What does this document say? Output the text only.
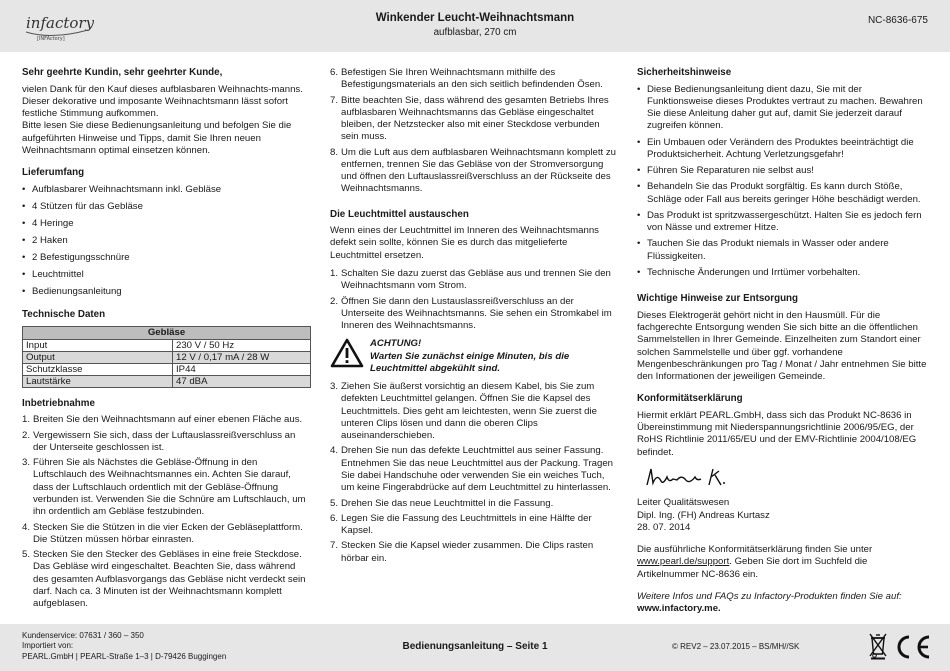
infactory
[INFActory]
Winkender Leucht-Weihnachtsmann
aufblasbar, 270 cm
NC-8636-675
Sehr geehrte Kundin, sehr geehrter Kunde,

vielen Dank für den Kauf dieses aufblasbaren Weihnachts-manns. Dieser dekorative und imposante Weihnachtsmann lässt sofort festliche Stimmung aufkommen.

Bitte lesen Sie diese Bedienungsanleitung und befolgen Sie die aufgeführten Hinweise und Tipps, damit Sie Ihren neuen Weihnachtsmann optimal einsetzen können.

Lieferumfang
• Aufblasbarer Weihnachtsmann inkl. Gebläse
• 4 Stützen für das Gebläse
• 4 Heringe
• 2 Haken
• 2 Befestigungsschnüre
• Leuchtmittel
• Bedienungsanleitung
Technische Daten
Gebläse	
Input	230 V / 50 Hz
Output	12 V / 0,17 mA / 28 W
Schutzklasse	IP44
Lautstärke	47 dBA
Inbetriebnahme
1. Breiten Sie den Weihnachtsmann auf einer ebenen Fläche aus.
2. Vergewissern Sie sich, dass der Luftauslassreißverschluss an der Unterseite geschlossen ist.
3. Führen Sie als Nächstes die Gebläse-Öffnung in den Luftschlauch des Weihnachtsmannes ein. Achten Sie darauf, dass der Luftschlauch ordentlich mit der Gebläse-Öffnung verbunden ist. Verwenden Sie die Schnüre am Luftschlauch, um ihn ordentlich am Gebläse festzubinden.
4. Stecken Sie die Stützen in die vier Ecken der Gebläseplattform. Die Stützen müssen hörbar einrasten.
5. Stecken Sie den Stecker des Gebläses in eine freie Steckdose. Das Gebläse wird eingeschaltet. Beachten Sie, dass während des gesamten Aufblasvorgangs das Gebläse nicht verdeckt sein darf. Nach ca. 3 Minuten ist der Weihnachtsmann komplett aufgeblasen.
6. Befestigen Sie Ihren Weihnachtsmann mithilfe des Befestigungsmaterials an den sich seitlich befindenden Ösen.
7. Bitte beachten Sie, dass während des gesamten Betriebs Ihres aufblasbaren Weihnachtsmanns das Gebläse eingeschaltet bleiben, der Netzstecker also mit einer Steckdose verbunden sein muss.
8. Um die Luft aus dem aufblasbaren Weihnachtsmann komplett zu entfernen, trennen Sie das Gebläse von der Stromversorgung und öffnen den Luftauslassreißverschluss an der Rückseite des Weihnachtsmanns.
Die Leuchtmittel austauschen

Wenn eines der Leuchtmittel im Inneren des Weihnachtsmanns defekt sein sollte, können Sie es durch das mitgelieferte Leuchtmittel ersetzen.

1. Schalten Sie dazu zuerst das Gebläse aus und trennen Sie den Weihnachtsmann vom Strom.
2. Öffnen Sie dann den Lustauslassreißverschluss an der Unterseite des Weihnachtsmanns. Sie sehen ein Stromkabel im Inneren des Weihnachtsmanns.
ACHTUNG!
Warten Sie zunächst einige Minuten, bis die Leuchtmittel abgekühlt sind.
3. Ziehen Sie äußerst vorsichtig an diesem Kabel, bis Sie zum defekten Leuchtmittel gelangen. Öffnen Sie die Kapsel des Leuchtmittels. Dies geht am leichtesten, wenn Sie zuerst die unteren Clips lösen und dann die oberen Clips auseinanderschieben.
4. Drehen Sie nun das defekte Leuchtmittel aus seiner Fassung. Entnehmen Sie das neue Leuchtmittel aus der Packung. Tragen Sie dabei Handschuhe oder verwenden Sie ein weiches Tuch, um keine Fingerabdrücke auf dem Leuchtmittel zu hinterlassen.
5. Drehen Sie das neue Leuchtmittel in die Fassung.
6. Legen Sie die Fassung des Leuchtmittels in eine Hälfte der Kapsel.
7. Stecken Sie die Kapsel wieder zusammen. Die Clips rasten hörbar ein.
Sicherheitshinweise
• Diese Bedienungsanleitung dient dazu, Sie mit der Funktionsweise dieses Produktes vertraut zu machen. Bewahren Sie diese Anleitung daher gut auf, damit Sie jederzeit darauf zugreifen können.
• Ein Umbauen oder Verändern des Produktes beeinträchtigt die Produktsicherheit. Achtung Verletzungsgefahr!
• Führen Sie Reparaturen nie selbst aus!
• Behandeln Sie das Produkt sorgfältig. Es kann durch Stöße, Schläge oder Fall aus bereits geringer Höhe beschädigt werden.
• Das Produkt ist spritzwassergeschützt. Halten Sie es jedoch fern von Nässe und extremer Hitze.
• Tauchen Sie das Produkt niemals in Wasser oder andere Flüssigkeiten.
• Technische Änderungen und Irrtümer vorbehalten.
Wichtige Hinweise zur Entsorgung

Dieses Elektrogerät gehört nicht in den Hausmüll. Für die fachgerechte Entsorgung wenden Sie sich bitte an die öffentlichen Sammelstellen in Ihrer Gemeinde. Einzelheiten zum Standort einer solchen Sammelstelle und über ggf. vorhandene Mengenbeschränkungen pro Tag / Monat / Jahr entnehmen Sie bitte den Informationen der jeweiligen Gemeinde.

Konformitätserklärung

Hiermit erklärt PEARL.GmbH, dass sich das Produkt NC-8636 in Übereinstimmung mit Niederspannungsrichtlinie 2006/95/EG, der RoHS Richtlinie 2011/65/EU und der EMV-Richtlinie 2004/108/EG befindet.

Leiter Qualitätswesen

Dipl. Ing. (FH) Andreas Kurtasz

28. 07. 2014

Die ausführliche Konformitätserklärung finden Sie unter www.pearl.de/support. Geben Sie dort im Suchfeld die Artikelnummer NC-8636 ein.

Weitere Infos und FAQs zu Infactory-Produkten finden Sie auf:
www.infactory.me.

Kundenservice: 07631 / 360 – 350
Importiert von:
PEARL.GmbH | PEARL-Straße 1–3 | D-79426 Buggingen
Bedienungsanleitung – Seite 1	© REV2 – 23.07.2015 – BS/MH//SK
